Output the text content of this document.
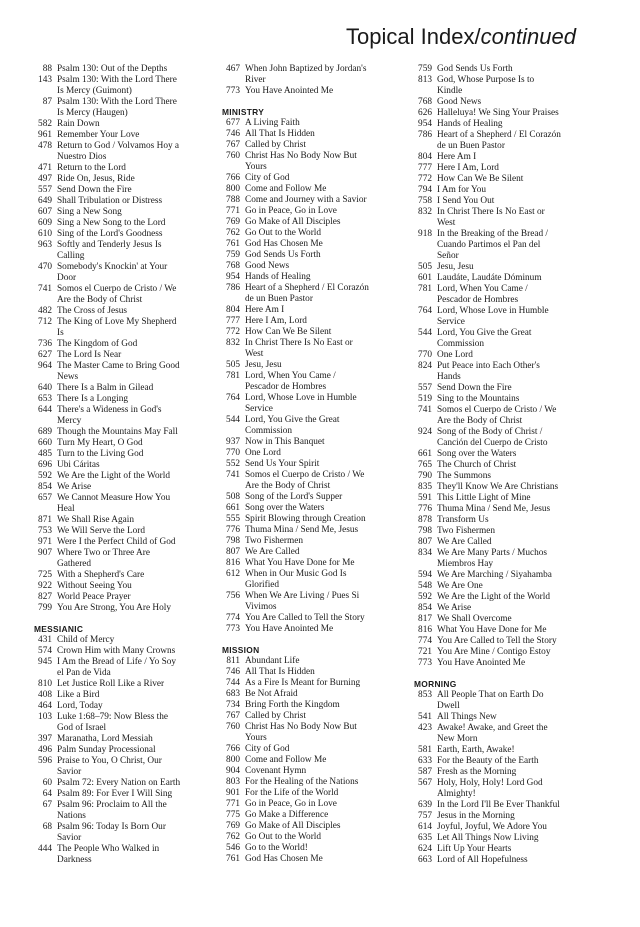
Topical Index/continued
88 Psalm 130: Out of the Depths
143 Psalm 130: With the Lord There
Is Mercy (Guimont)
87 Psalm 130: With the Lord There
Is Mercy (Haugen)
582 Rain Down
961 Remember Your Love
478 Return to God / Volvamos Hoy a
Nuestro Dios
471 Return to the Lord
497 Ride On, Jesus, Ride
557 Send Down the Fire
649 Shall Tribulation or Distress
607 Sing a New Song
609 Sing a New Song to the Lord
610 Sing of the Lord's Goodness
963 Softly and Tenderly Jesus Is
Calling
470 Somebody's Knockin' at Your
Door
741 Somos el Cuerpo de Cristo / We
Are the Body of Christ
482 The Cross of Jesus
712 The King of Love My Shepherd
Is
736 The Kingdom of God
627 The Lord Is Near
964 The Master Came to Bring Good
News
640 There Is a Balm in Gilead
653 There Is a Longing
644 There's a Wideness in God's
Mercy
689 Though the Mountains May Fall
660 Turn My Heart, O God
485 Turn to the Living God
696 Ubi Cáritas
592 We Are the Light of the World
854 We Arise
657 We Cannot Measure How You
Heal
871 We Shall Rise Again
753 We Will Serve the Lord
971 Were I the Perfect Child of God
907 Where Two or Three Are
Gathered
725 With a Shepherd's Care
922 Without Seeing You
827 World Peace Prayer
799 You Are Strong, You Are Holy
MESSIANIC
431 Child of Mercy
574 Crown Him with Many Crowns
945 I Am the Bread of Life / Yo Soy
el Pan de Vida
810 Let Justice Roll Like a River
408 Like a Bird
464 Lord, Today
103 Luke 1:68–79: Now Bless the
God of Israel
397 Maranatha, Lord Messiah
496 Palm Sunday Processional
596 Praise to You, O Christ, Our
Savior
60 Psalm 72: Every Nation on Earth
64 Psalm 89: For Ever I Will Sing
67 Psalm 96: Proclaim to All the
Nations
68 Psalm 96: Today Is Born Our
Savior
444 The People Who Walked in
Darkness
467 When John Baptized by Jordan's
River
773 You Have Anointed Me
MINISTRY
677 A Living Faith
746 All That Is Hidden
767 Called by Christ
760 Christ Has No Body Now But
Yours
766 City of God
800 Come and Follow Me
788 Come and Journey with a Savior
771 Go in Peace, Go in Love
769 Go Make of All Disciples
762 Go Out to the World
761 God Has Chosen Me
759 God Sends Us Forth
768 Good News
954 Hands of Healing
786 Heart of a Shepherd / El Corazón
de un Buen Pastor
804 Here Am I
777 Here I Am, Lord
772 How Can We Be Silent
832 In Christ There Is No East or
West
505 Jesu, Jesu
781 Lord, When You Came /
Pescador de Hombres
764 Lord, Whose Love in Humble
Service
544 Lord, You Give the Great
Commission
937 Now in This Banquet
770 One Lord
552 Send Us Your Spirit
741 Somos el Cuerpo de Cristo / We
Are the Body of Christ
508 Song of the Lord's Supper
661 Song over the Waters
555 Spirit Blowing through Creation
776 Thuma Mina / Send Me, Jesus
798 Two Fishermen
807 We Are Called
816 What You Have Done for Me
612 When in Our Music God Is
Glorified
756 When We Are Living / Pues Si
Vivimos
774 You Are Called to Tell the Story
773 You Have Anointed Me
MISSION
811 Abundant Life
746 All That Is Hidden
744 As a Fire Is Meant for Burning
683 Be Not Afraid
734 Bring Forth the Kingdom
767 Called by Christ
760 Christ Has No Body Now But
Yours
766 City of God
800 Come and Follow Me
904 Covenant Hymn
803 For the Healing of the Nations
901 For the Life of the World
771 Go in Peace, Go in Love
775 Go Make a Difference
769 Go Make of All Disciples
762 Go Out to the World
546 Go to the World!
761 God Has Chosen Me
759 God Sends Us Forth
813 God, Whose Purpose Is to
Kindle
768 Good News
626 Halleluya! We Sing Your Praises
954 Hands of Healing
786 Heart of a Shepherd / El Corazón
de un Buen Pastor
804 Here Am I
777 Here I Am, Lord
772 How Can We Be Silent
794 I Am for You
758 I Send You Out
832 In Christ There Is No East or
West
918 In the Breaking of the Bread /
Cuando Partimos el Pan del
Señor
505 Jesu, Jesu
601 Laudáte, Laudáte Dóminum
781 Lord, When You Came /
Pescador de Hombres
764 Lord, Whose Love in Humble
Service
544 Lord, You Give the Great
Commission
770 One Lord
824 Put Peace into Each Other's
Hands
557 Send Down the Fire
519 Sing to the Mountains
741 Somos el Cuerpo de Cristo / We
Are the Body of Christ
924 Song of the Body of Christ /
Canción del Cuerpo de Cristo
661 Song over the Waters
765 The Church of Christ
790 The Summons
835 They'll Know We Are Christians
591 This Little Light of Mine
776 Thuma Mina / Send Me, Jesus
878 Transform Us
798 Two Fishermen
807 We Are Called
834 We Are Many Parts / Muchos
Miembros Hay
594 We Are Marching / Siyahamba
548 We Are One
592 We Are the Light of the World
854 We Arise
817 We Shall Overcome
816 What You Have Done for Me
774 You Are Called to Tell the Story
721 You Are Mine / Contigo Estoy
773 You Have Anointed Me
MORNING
853 All People That on Earth Do
Dwell
541 All Things New
423 Awake! Awake, and Greet the
New Morn
581 Earth, Earth, Awake!
633 For the Beauty of the Earth
587 Fresh as the Morning
567 Holy, Holy, Holy! Lord God
Almighty!
639 In the Lord I'll Be Ever Thankful
757 Jesus in the Morning
614 Joyful, Joyful, We Adore You
635 Let All Things Now Living
624 Lift Up Your Hearts
663 Lord of All Hopefulness
